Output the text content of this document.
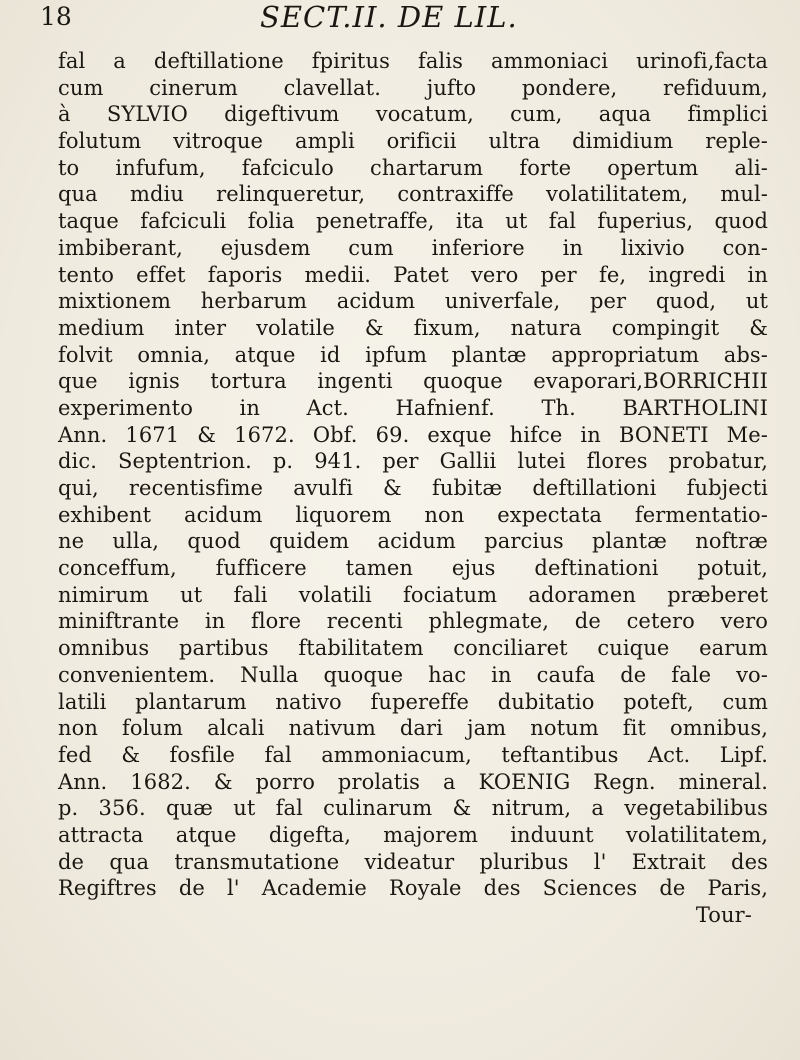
18	SECT.II. DE LIL.
fal a deftillatione fpiritus falis ammoniaci urinofi,facta
cum cinerum clavellat. jufto pondere, refiduum,
à SYLVIO digeftivum vocatum, cum, aqua fimplici
folutum vitroque ampli orificii ultra dimidium reple-
to infufum, fafciculo chartarum forte opertum ali-
qua mdiu relinqueretur, contraxiffe volatilitatem, mul-
taque fafciculi folia penetraffe, ita ut fal fuperius, quod
imbiberant, ejusdem cum inferiore in lixivio con-
tento effet faporis medii. Patet vero per fe, ingredi in
mixtionem herbarum acidum univerfale, per quod, ut
medium inter volatile & fixum, natura compingit &
folvit omnia, atque id ipfum plantæ appropriatum abs-
que ignis tortura ingenti quoque evaporari,BORRICHII
experimento in Act. Hafnienf. Th. BARTHOLINI
Ann. 1671 & 1672. Obf. 69. exque hifce in BONETI Me-
dic. Septentrion. p. 941. per Gallii lutei flores probatur,
qui, recentisfime avulfi & fubitæ deftillationi fubjecti
exhibent acidum liquorem non expectata fermentatio-
ne ulla, quod quidem acidum parcius plantæ noftræ
conceffum, fufficere tamen ejus deftinationi potuit,
nimirum ut fali volatili fociatum adoramen præberet
miniftrante in flore recenti phlegmate, de cetero vero
omnibus partibus ftabilitatem conciliaret cuique earum
convenientem. Nulla quoque hac in caufa de fale vo-
latili plantarum nativo fupereffe dubitatio poteft, cum
non folum alcali nativum dari jam notum fit omnibus,
fed & fosfile fal ammoniacum, teftantibus Act. Lipf.
Ann. 1682. & porro prolatis a KOENIG Regn. mineral.
p. 356. quæ ut fal culinarum & nitrum, a vegetabilibus
attracta atque digefta, majorem induunt volatilitatem,
de qua transmutatione videatur pluribus l' Extrait des
Regiftres de l' Academie Royale des Sciences de Paris,
Tour-
